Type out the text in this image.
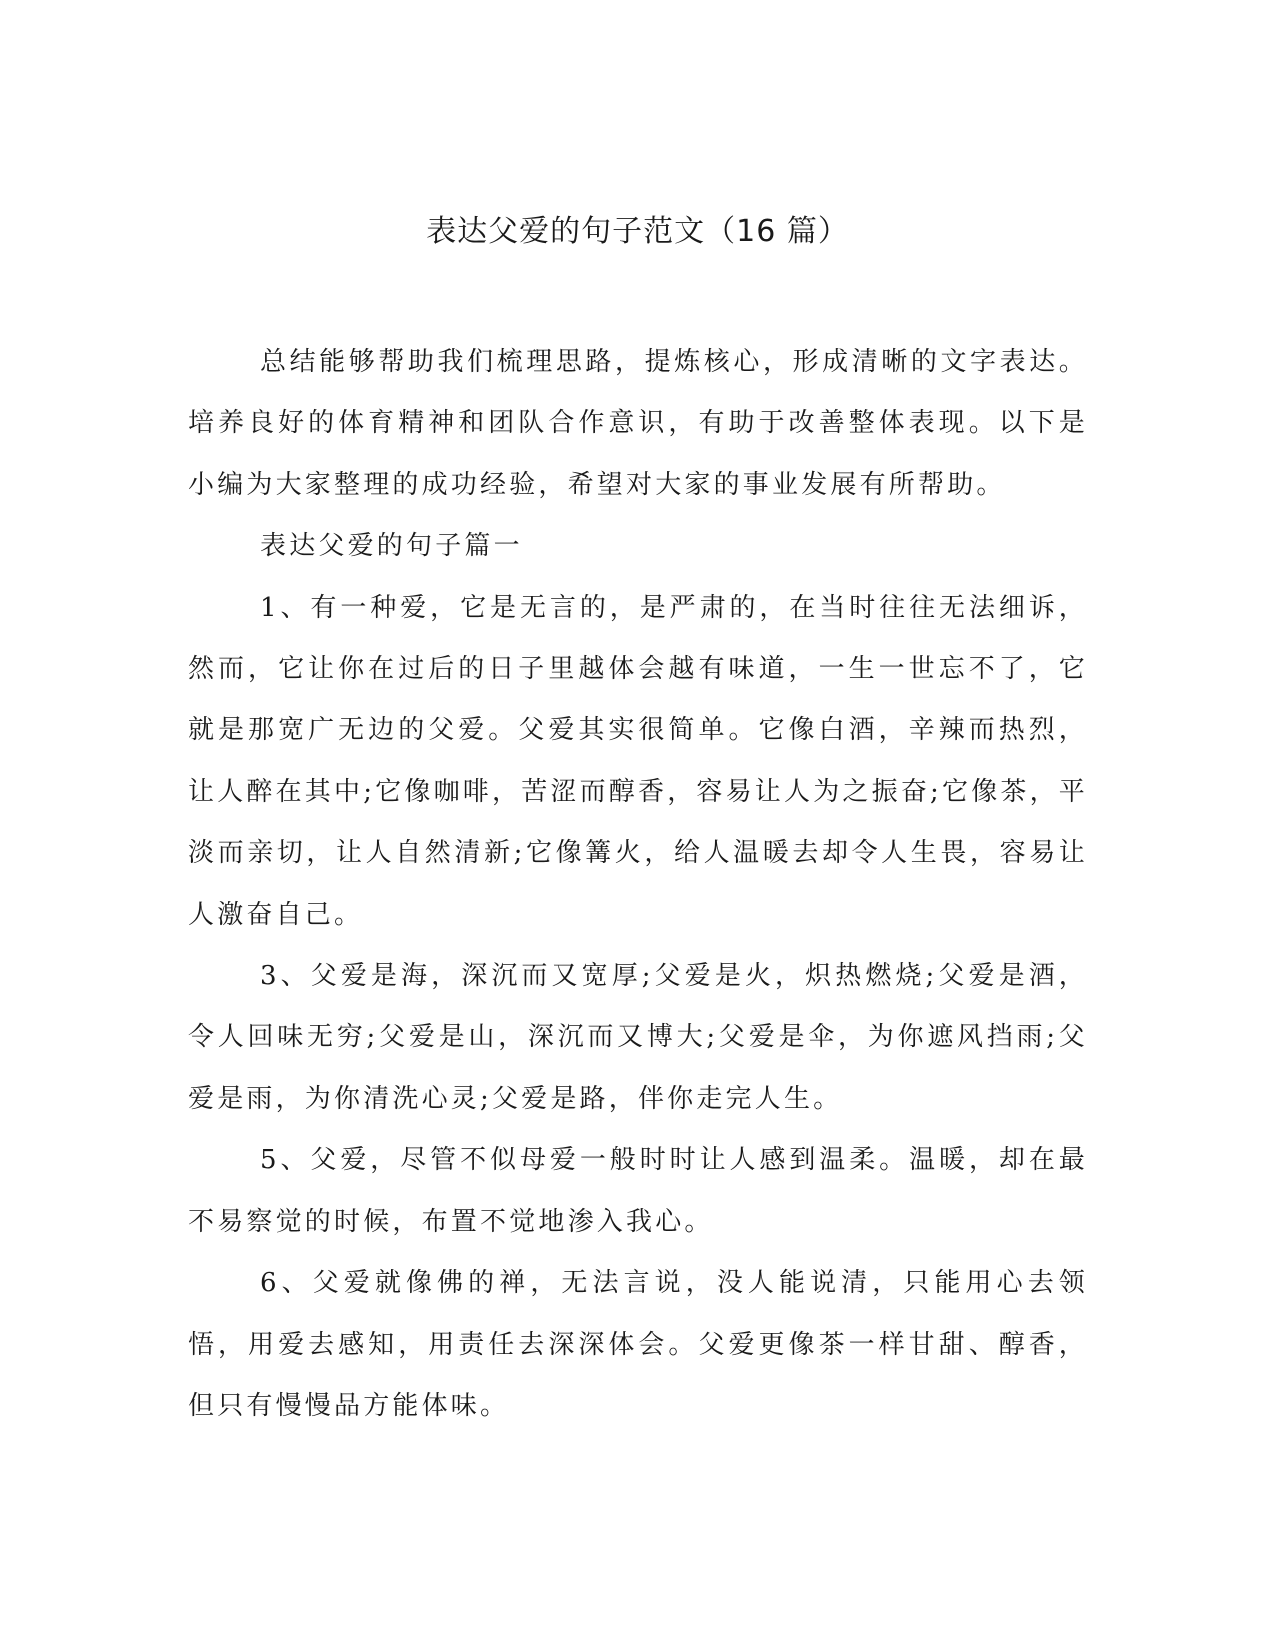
表达父爱的句子范文（16 篇）

总结能够帮助我们梳理思路，提炼核心，形成清晰的文字表达。培养良好的体育精神和团队合作意识，有助于改善整体表现。以下是小编为大家整理的成功经验，希望对大家的事业发展有所帮助。

表达父爱的句子篇一

1、有一种爱，它是无言的，是严肃的，在当时往往无法细诉，然而，它让你在过后的日子里越体会越有味道，一生一世忘不了，它就是那宽广无边的父爱。父爱其实很简单。它像白酒，辛辣而热烈，让人醉在其中;它像咖啡，苦涩而醇香，容易让人为之振奋;它像茶，平淡而亲切，让人自然清新;它像篝火，给人温暖去却令人生畏，容易让人激奋自己。

3、父爱是海，深沉而又宽厚;父爱是火，炽热燃烧;父爱是酒，令人回味无穷;父爱是山，深沉而又博大;父爱是伞，为你遮风挡雨;父爱是雨，为你清洗心灵;父爱是路，伴你走完人生。

5、父爱，尽管不似母爱一般时时让人感到温柔。温暖，却在最不易察觉的时候，布置不觉地渗入我心。

6、父爱就像佛的禅，无法言说，没人能说清，只能用心去领悟，用爱去感知，用责任去深深体会。父爱更像茶一样甘甜、醇香，但只有慢慢品方能体味。
